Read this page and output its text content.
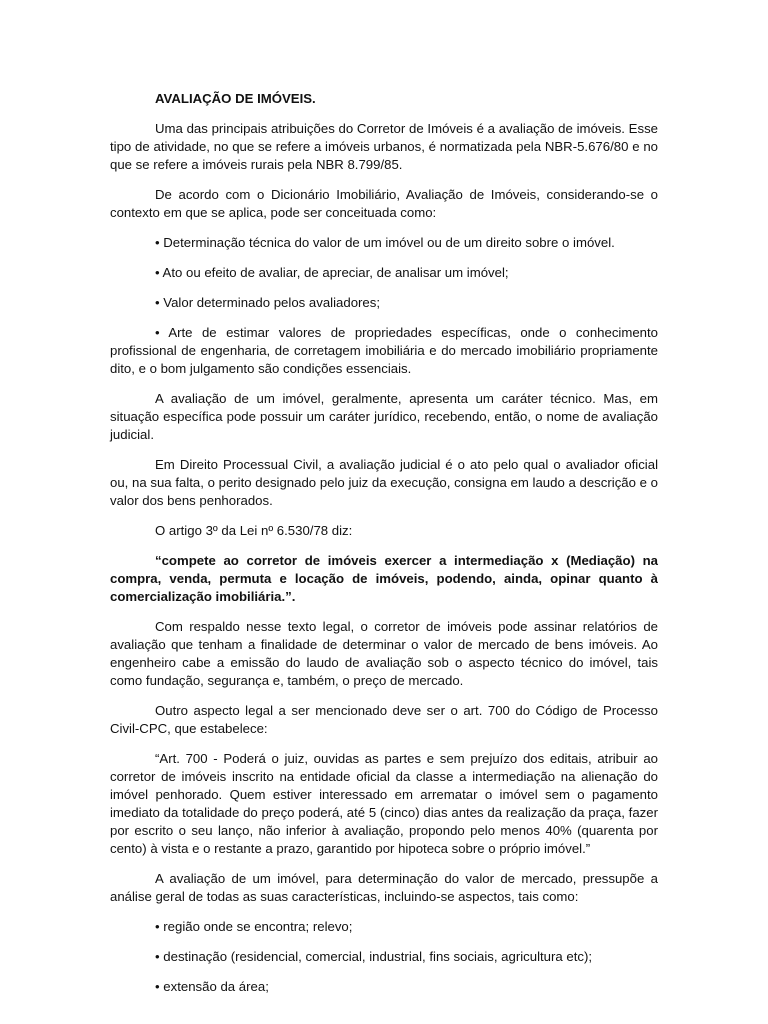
AVALIAÇÃO DE IMÓVEIS.

Uma das principais atribuições do Corretor de Imóveis é a avaliação de imóveis. Esse tipo de atividade, no que se refere a imóveis urbanos, é normatizada pela NBR-5.676/80 e no que se refere a imóveis rurais pela NBR 8.799/85.

De acordo com o Dicionário Imobiliário, Avaliação de Imóveis, considerando-se o contexto em que se aplica, pode ser conceituada como:

• Determinação técnica do valor de um imóvel ou de um direito sobre o imóvel.

• Ato ou efeito de avaliar, de apreciar, de analisar um imóvel;

• Valor determinado pelos avaliadores;

• Arte de estimar valores de propriedades específicas, onde o conhecimento profissional de engenharia, de corretagem imobiliária e do mercado imobiliário propriamente dito, e o bom julgamento são condições essenciais.

A avaliação de um imóvel, geralmente, apresenta um caráter técnico. Mas, em situação específica pode possuir um caráter jurídico, recebendo, então, o nome de avaliação judicial.

Em Direito Processual Civil, a avaliação judicial é o ato pelo qual o avaliador oficial ou, na sua falta, o perito designado pelo juiz da execução, consigna em laudo a descrição e o valor dos bens penhorados.

O artigo 3º da Lei nº 6.530/78 diz:

“compete ao corretor de imóveis exercer a intermediação x (Mediação) na compra, venda, permuta e locação de imóveis, podendo, ainda, opinar quanto à comercialização imobiliária.”.

Com respaldo nesse texto legal, o corretor de imóveis pode assinar relatórios de avaliação que tenham a finalidade de determinar o valor de mercado de bens imóveis. Ao engenheiro cabe a emissão do laudo de avaliação sob o aspecto técnico do imóvel, tais como fundação, segurança e, também, o preço de mercado.

Outro aspecto legal a ser mencionado deve ser o art. 700 do Código de Processo Civil-CPC, que estabelece:

“Art. 700 - Poderá o juiz, ouvidas as partes e sem prejuízo dos editais, atribuir ao corretor de imóveis inscrito na entidade oficial da classe a intermediação na alienação do imóvel penhorado. Quem estiver interessado em arrematar o imóvel sem o pagamento imediato da totalidade do preço poderá, até 5 (cinco) dias antes da realização da praça, fazer por escrito o seu lanço, não inferior à avaliação, propondo pelo menos 40% (quarenta por cento) à vista e o restante a prazo, garantido por hipoteca sobre o próprio imóvel.”

A avaliação de um imóvel, para determinação do valor de mercado, pressupõe a análise geral de todas as suas características, incluindo-se aspectos, tais como:

• região onde se encontra; relevo;

• destinação (residencial, comercial, industrial, fins sociais, agricultura etc);

• extensão da área;
